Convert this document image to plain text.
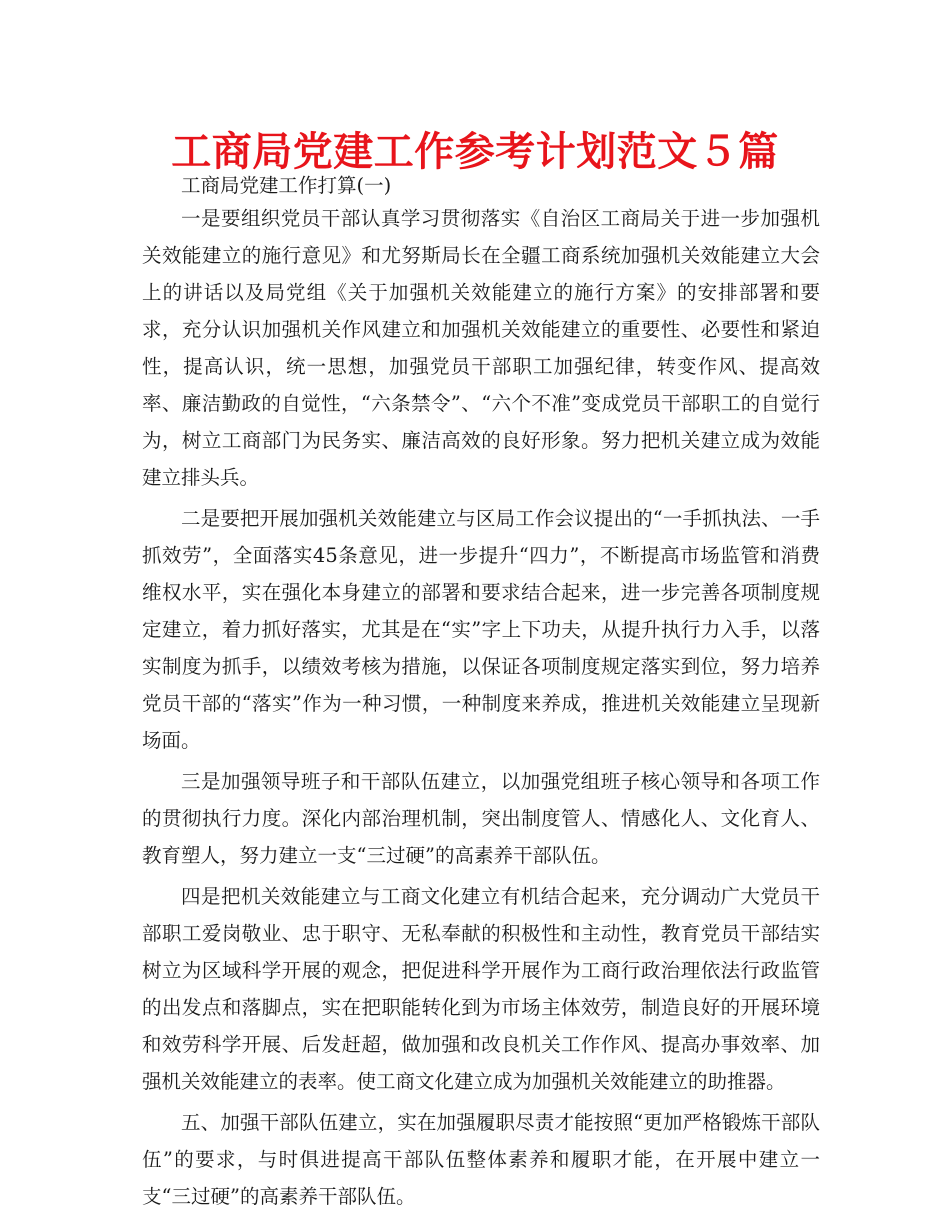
工商局党建工作参考计划范文５篇

工商局党建工作打算(一)

一是要组织党员干部认真学习贯彻落实《自治区工商局关于进一步加强机关效能建立的施行意见》和尤努斯局长在全疆工商系统加强机关效能建立大会上的讲话以及局党组《关于加强机关效能建立的施行方案》的安排部署和要求，充分认识加强机关作风建立和加强机关效能建立的重要性、必要性和紧迫性，提高认识，统一思想，加强党员干部职工加强纪律，转变作风、提高效率、廉洁勤政的自觉性，“六条禁令”、“六个不准”变成党员干部职工的自觉行为，树立工商部门为民务实、廉洁高效的良好形象。努力把机关建立成为效能建立排头兵。

二是要把开展加强机关效能建立与区局工作会议提出的“一手抓执法、一手抓效劳”，全面落实45条意见，进一步提升“四力”，不断提高市场监管和消费维权水平，实在强化本身建立的部署和要求结合起来，进一步完善各项制度规定建立，着力抓好落实，尤其是在“实”字上下功夫，从提升执行力入手，以落实制度为抓手，以绩效考核为措施，以保证各项制度规定落实到位，努力培养党员干部的“落实”作为一种习惯，一种制度来养成，推进机关效能建立呈现新场面。

三是加强领导班子和干部队伍建立，以加强党组班子核心领导和各项工作的贯彻执行力度。深化内部治理机制，突出制度管人、情感化人、文化育人、教育塑人，努力建立一支“三过硬”的高素养干部队伍。

四是把机关效能建立与工商文化建立有机结合起来，充分调动广大党员干部职工爱岗敬业、忠于职守、无私奉献的积极性和主动性，教育党员干部结实树立为区域科学开展的观念，把促进科学开展作为工商行政治理依法行政监管的出发点和落脚点，实在把职能转化到为市场主体效劳，制造良好的开展环境和效劳科学开展、后发赶超，做加强和改良机关工作作风、提高办事效率、加强机关效能建立的表率。使工商文化建立成为加强机关效能建立的助推器。

五、加强干部队伍建立，实在加强履职尽责才能按照“更加严格锻炼干部队伍”的要求，与时俱进提高干部队伍整体素养和履职才能，在开展中建立一支“三过硬”的高素养干部队伍。
